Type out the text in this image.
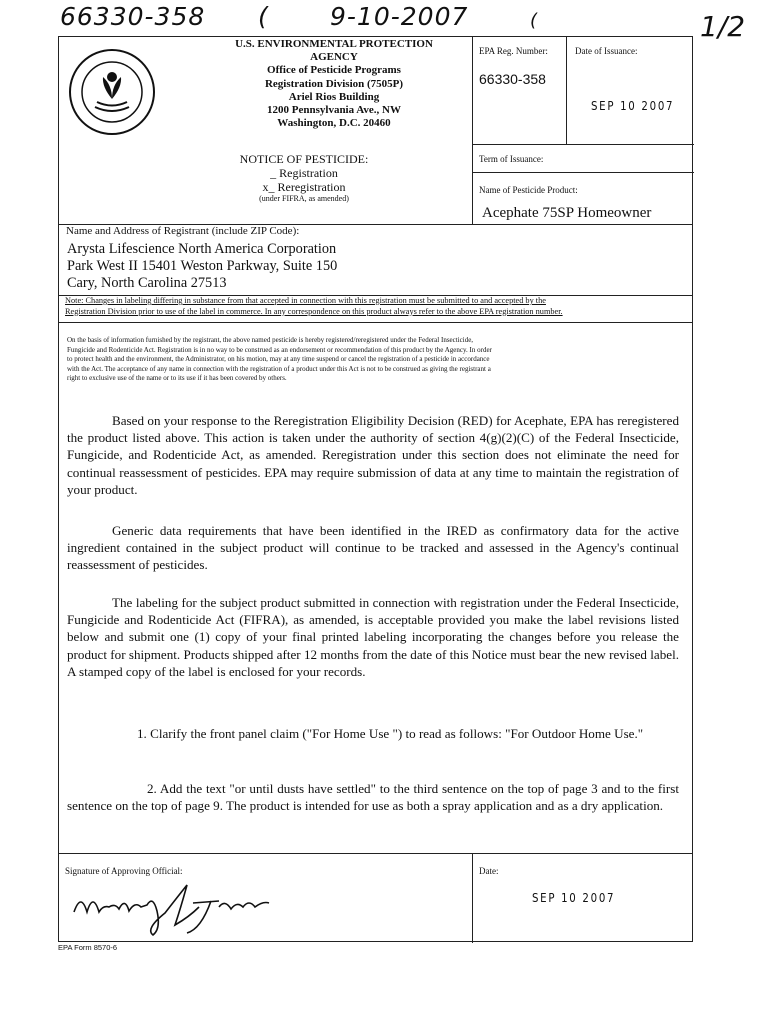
66330-358 ( 9-10-2007	(	1/2
U.S. ENVIRONMENTAL PROTECTION
AGENCY
Office of Pesticide Programs
Registration Division (7505P)
Ariel Rios Building
1200 Pennsylvania Ave., NW
Washington, D.C. 20460
EPA Reg. Number:
66330-358
Date of Issuance:
SEP 10 2007
Term of Issuance:
Name of Pesticide Product:
Acephate 75SP Homeowner
NOTICE OF PESTICIDE:
_ Registration
x_ Reregistration
(under FIFRA, as amended)
Name and Address of Registrant (include ZIP Code):
Arysta Lifescience North America Corporation
Park West II 15401 Weston Parkway, Suite 150
Cary, North Carolina 27513
Note: Changes in labeling differing in substance from that accepted in connection with this registration must be submitted to and accepted by the
Registration Division prior to use of the label in commerce. In any correspondence on this product always refer to the above EPA registration number.
On the basis of information furnished by the registrant, the above named pesticide is hereby registered/reregistered under the Federal Insecticide,
Fungicide and Rodenticide Act. Registration is in no way to be construed as an endorsement or recommendation of this product by the Agency. In order
to protect health and the environment, the Administrator, on his motion, may at any time suspend or cancel the registration of a pesticide in accordance
with the Act. The acceptance of any name in connection with the registration of a product under this Act is not to be construed as giving the registrant a
right to exclusive use of the name or to its use if it has been covered by others.
Based on your response to the Reregistration Eligibility Decision (RED) for Acephate, EPA has reregistered the product listed above. This action is taken under the authority of section 4(g)(2)(C) of the Federal Insecticide, Fungicide, and Rodenticide Act, as amended. Reregistration under this section does not eliminate the need for continual reassessment of pesticides. EPA may require submission of data at any time to maintain the registration of your product.
Generic data requirements that have been identified in the IRED as confirmatory data for the active ingredient contained in the subject product will continue to be tracked and assessed in the Agency's continual reassessment of pesticides.
The labeling for the subject product submitted in connection with registration under the Federal Insecticide, Fungicide and Rodenticide Act (FIFRA), as amended, is acceptable provided you make the label revisions listed below and submit one (1) copy of your final printed labeling incorporating the changes before you release the product for shipment. Products shipped after 12 months from the date of this Notice must bear the new revised label. A stamped copy of the label is enclosed for your records.
1. Clarify the front panel claim ("For Home Use ") to read as follows: "For Outdoor Home Use."
2. Add the text "or until dusts have settled" to the third sentence on the top of page 3 and to the first sentence on the top of page 9. The product is intended for use as both a spray application and as a dry application.
Signature of Approving Official:	Date:
SEP 10 2007
EPA Form 8570-6
